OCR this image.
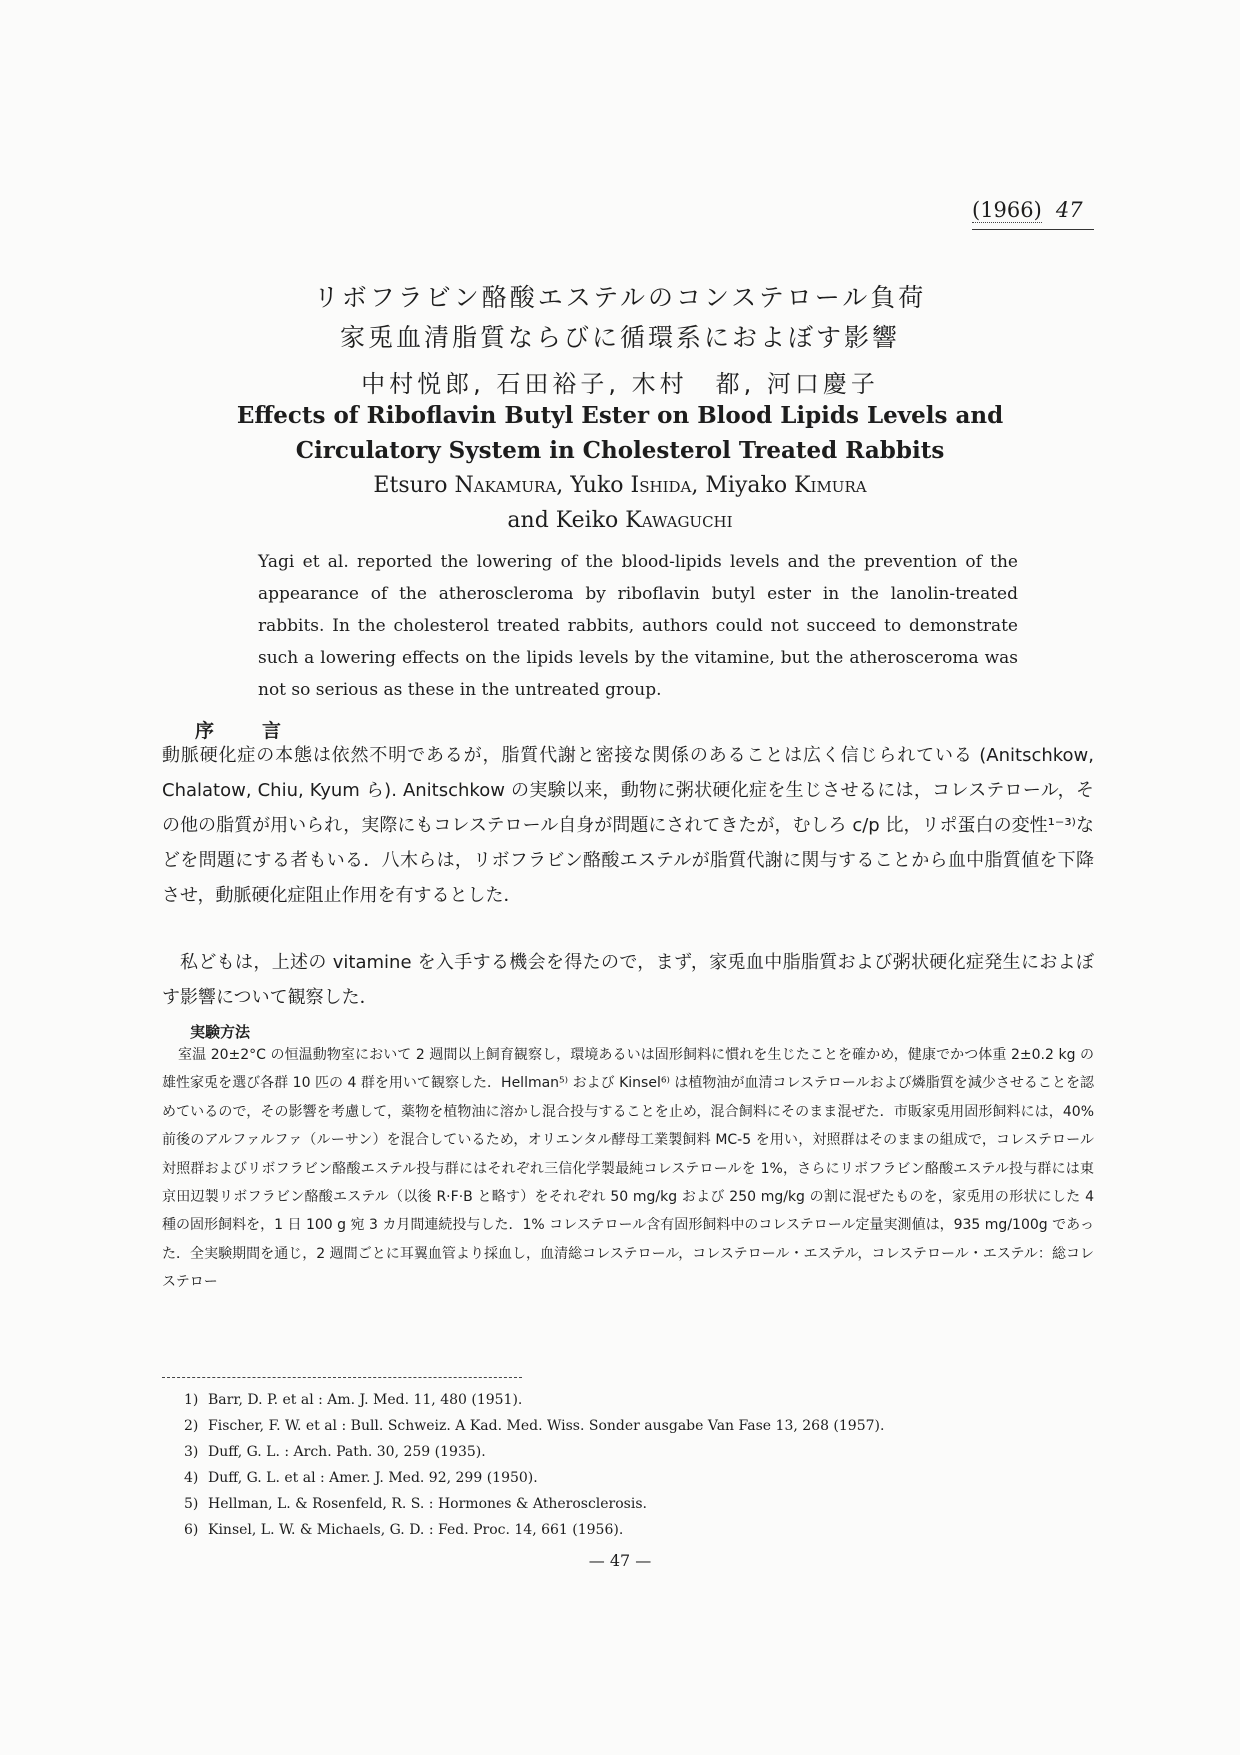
(1966) 47
リボフラビン酪酸エステルのコンステロール負荷
家兎血清脂質ならびに循環系におよぼす影響
中村悦郎 , 石田裕子 , 木村　都 , 河口慶子
Effects of Riboflavin Butyl Ester on Blood Lipids Levels and
Circulatory System in Cholesterol Treated Rabbits
Etsuro Nakamura, Yuko Ishida, Miyako Kimura
and Keiko Kawaguchi

Yagi et al. reported the lowering of the blood-lipids levels and the prevention of the appearance of the atheroscleroma by riboflavin butyl ester in the lanolin-treated rabbits. In the cholesterol treated rabbits, authors could not succeed to demonstrate such a lowering effects on the lipids levels by the vitamine, but the atherosceroma was not so serious as these in the untreated group.

序言

動脈硬化症の本態は依然不明であるが，脂質代謝と密接な関係のあることは広く信じられている (Anitschkow, Chalatow, Chiu, Kyum ら). Anitschkow の実験以来，動物に粥状硬化症を生じさせるには，コレステロール，その他の脂質が用いられ，実際にもコレステロール自身が問題にされてきたが，むしろ c/p 比，リポ蛋白の変性¹⁻³⁾などを問題にする者もいる．八木らは，リボフラビン酪酸エステルが脂質代謝に関与することから血中脂質値を下降させ，動脈硬化症阻止作用を有するとした．

私どもは，上述の vitamine を入手する機会を得たので，まず，家兎血中脂脂質および粥状硬化症発生におよぼす影響について観察した．

実験方法

室温 20±2°C の恒温動物室において 2 週間以上飼育観察し，環境あるいは固形飼料に慣れを生じたことを確かめ，健康でかつ体重 2±0.2 kg の雄性家兎を選び各群 10 匹の 4 群を用いて観察した．Hellman⁵⁾ および Kinsel⁶⁾ は植物油が血清コレステロールおよび燐脂質を減少させることを認めているので，その影響を考慮して，薬物を植物油に溶かし混合投与することを止め，混合飼料にそのまま混ぜた．市販家兎用固形飼料には，40%前後のアルファルファ（ルーサン）を混合しているため，オリエンタル酵母工業製飼料 MC-5 を用い，対照群はそのままの組成で，コレステロール対照群およびリボフラビン酪酸エステル投与群にはそれぞれ三信化学製最純コレステロールを 1%，さらにリボフラビン酪酸エステル投与群には東京田辺製リボフラビン酪酸エステル（以後 R·F·B と略す）をそれぞれ 50 mg/kg および 250 mg/kg の割に混ぜたものを，家兎用の形状にした 4 種の固形飼料を，1 日 100 g 宛 3 カ月間連続投与した．1% コレステロール含有固形飼料中のコレステロール定量実測値は，935 mg/100g であった．全実験期間を通じ，2 週間ごとに耳翼血管より採血し，血清総コレステロール，コレステロール・エステル，コレステロール・エステル：総コレステロー

1) Barr, D. P. et al : Am. J. Med. 11, 480 (1951).
2) Fischer, F. W. et al : Bull. Schweiz. A Kad. Med. Wiss. Sonder ausgabe Van Fase 13, 268 (1957).
3) Duff, G. L. : Arch. Path. 30, 259 (1935).
4) Duff, G. L. et al : Amer. J. Med. 92, 299 (1950).
5) Hellman, L. & Rosenfeld, R. S. : Hormones & Atherosclerosis.
6) Kinsel, L. W. & Michaels, G. D. : Fed. Proc. 14, 661 (1956).
— 47 —
